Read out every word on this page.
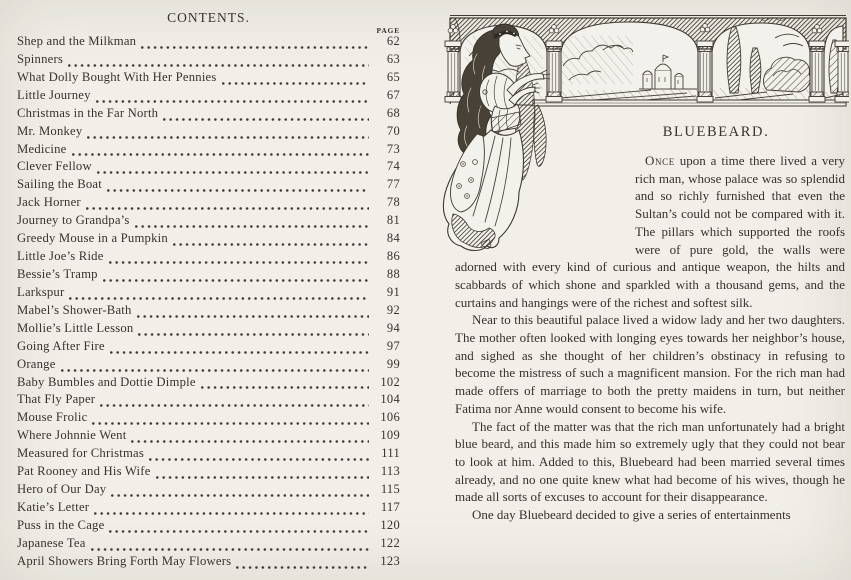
CONTENTS.
PAGE
Shep and the Milkman	62
Spinners	63
What Dolly Bought With Her Pennies	65
Little Journey	67
Christmas in the Far North	68
Mr. Monkey	70
Medicine	73
Clever Fellow	74
Sailing the Boat	77
Jack Horner	78
Journey to Grandpa’s	81
Greedy Mouse in a Pumpkin	84
Little Joe’s Ride	86
Bessie’s Tramp	88
Larkspur	91
Mabel’s Shower-Bath	92
Mollie’s Little Lesson	94
Going After Fire	97
Orange	99
Baby Bumbles and Dottie Dimple	102
That Fly Paper	104
Mouse Frolic	106
Where Johnnie Went	109
Measured for Christmas	111
Pat Rooney and His Wife	113
Hero of Our Day	115
Katie’s Letter	117
Puss in the Cage	120
Japanese Tea	122
April Showers Bring Forth May Flowers	123
BLUEBEARD.

Once upon a time there lived a very rich man, whose palace was so splendid and so richly furnished that even the Sultan’s could not be compared with it. The pillars which supported the roofs were of pure gold, the walls were adorned with every kind of curious and antique weapon, the hilts and scabbards of which shone and sparkled with a thousand gems, and the curtains and hangings were of the richest and softest silk.

Near to this beautiful palace lived a widow lady and her two daughters. The mother often looked with longing eyes towards her neighbor’s house, and sighed as she thought of her children’s obstinacy in refusing to become the mistress of such a magnificent mansion. For the rich man had made offers of marriage to both the pretty maidens in turn, but neither Fatima nor Anne would consent to become his wife.

The fact of the matter was that the rich man unfortunately had a bright blue beard, and this made him so extremely ugly that they could not bear to look at him. Added to this, Bluebeard had been married several times already, and no one quite knew what had become of his wives, though he made all sorts of excuses to account for their disappearance.

One day Bluebeard decided to give a series of entertainments
